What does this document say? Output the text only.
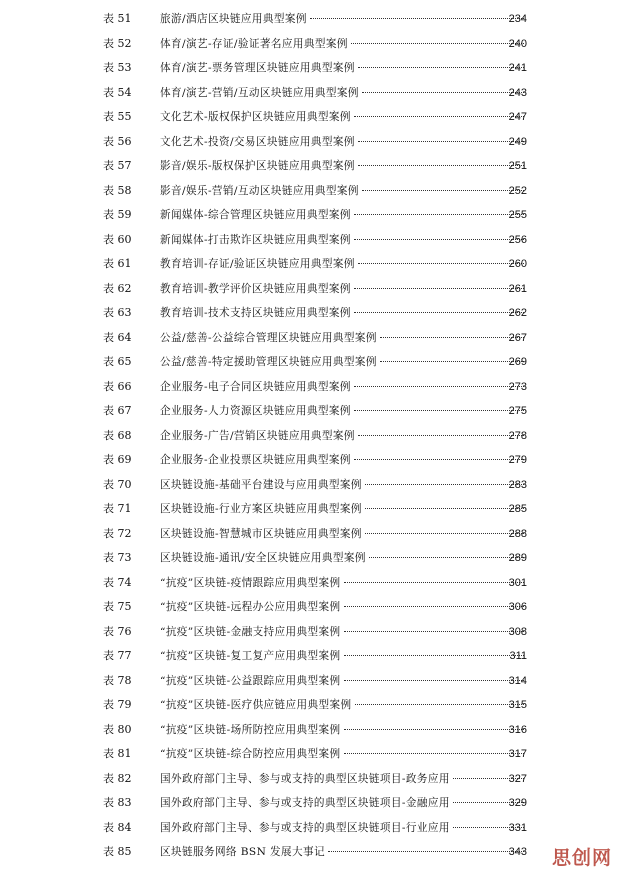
表 51	旅游/酒店区块链应用典型案例	234
表 52	体育/演艺-存证/验证著名应用典型案例	240
表 53	体育/演艺-票务管理区块链应用典型案例	241
表 54	体育/演艺-营销/互动区块链应用典型案例	243
表 55	文化艺术-版权保护区块链应用典型案例	247
表 56	文化艺术-投资/交易区块链应用典型案例	249
表 57	影音/娱乐-版权保护区块链应用典型案例	251
表 58	影音/娱乐-营销/互动区块链应用典型案例	252
表 59	新闻媒体-综合管理区块链应用典型案例	255
表 60	新闻媒体-打击欺诈区块链应用典型案例	256
表 61	教育培训-存证/验证区块链应用典型案例	260
表 62	教育培训-教学评价区块链应用典型案例	261
表 63	教育培训-技术支持区块链应用典型案例	262
表 64	公益/慈善-公益综合管理区块链应用典型案例	267
表 65	公益/慈善-特定援助管理区块链应用典型案例	269
表 66	企业服务-电子合同区块链应用典型案例	273
表 67	企业服务-人力资源区块链应用典型案例	275
表 68	企业服务-广告/营销区块链应用典型案例	278
表 69	企业服务-企业投票区块链应用典型案例	279
表 70	区块链设施-基础平台建设与应用典型案例	283
表 71	区块链设施-行业方案区块链应用典型案例	285
表 72	区块链设施-智慧城市区块链应用典型案例	288
表 73	区块链设施-通讯/安全区块链应用典型案例	289
表 74	“抗疫”区块链-疫情跟踪应用典型案例	301
表 75	“抗疫”区块链-远程办公应用典型案例	306
表 76	“抗疫”区块链-金融支持应用典型案例	308
表 77	“抗疫”区块链-复工复产应用典型案例	311
表 78	“抗疫”区块链-公益跟踪应用典型案例	314
表 79	“抗疫”区块链-医疗供应链应用典型案例	315
表 80	“抗疫”区块链-场所防控应用典型案例	316
表 81	“抗疫”区块链-综合防控应用典型案例	317
表 82	国外政府部门主导、参与或支持的典型区块链项目-政务应用	327
表 83	国外政府部门主导、参与或支持的典型区块链项目-金融应用	329
表 84	国外政府部门主导、参与或支持的典型区块链项目-行业应用	331
表 85	区块链服务网络 BSN 发展大事记	343 思创网
